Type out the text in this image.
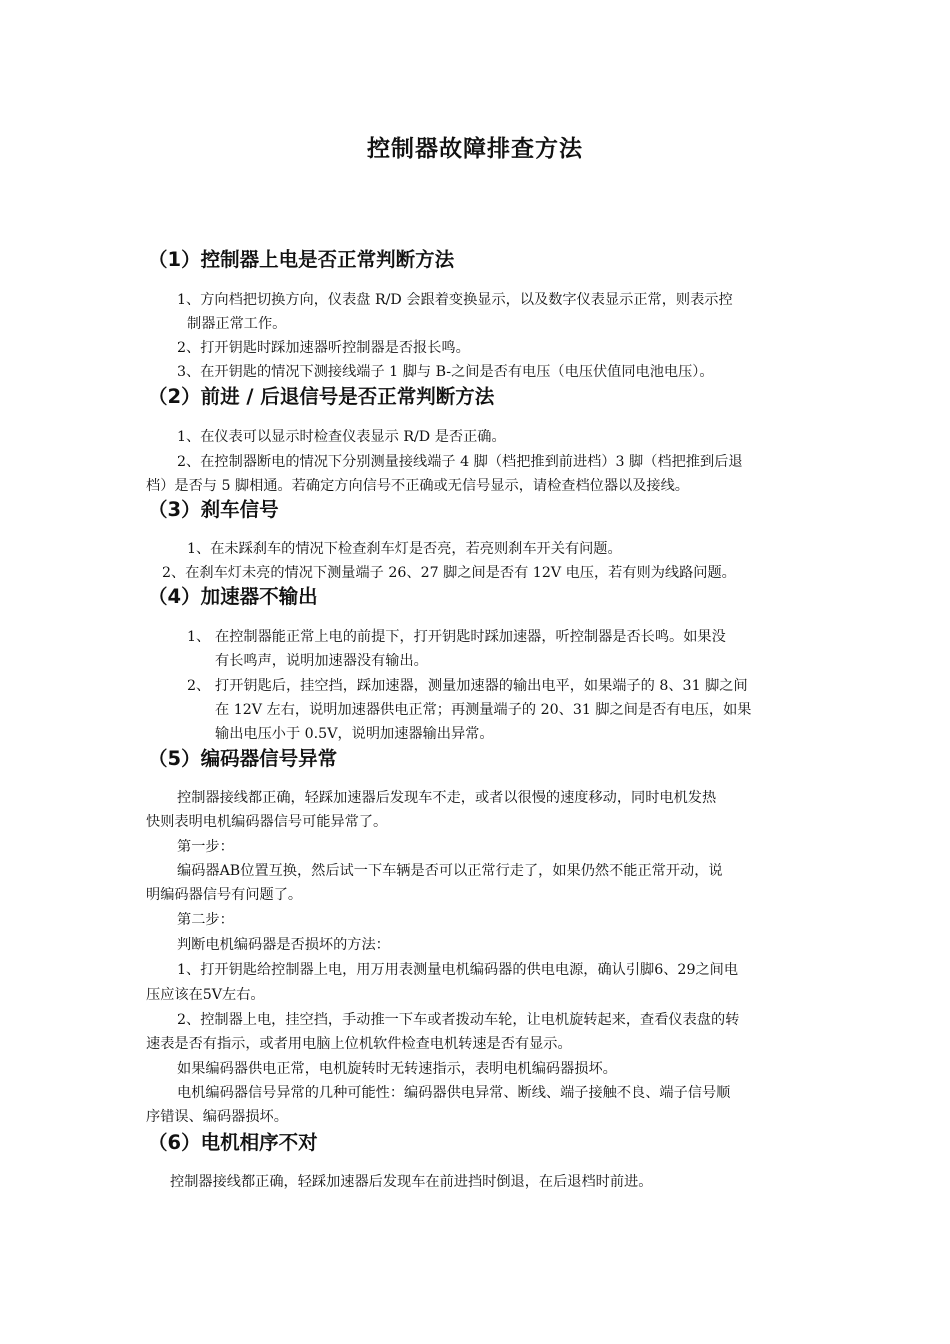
控制器故障排查方法
（1）控制器上电是否正常判断方法
1、方向档把切换方向，仪表盘 R/D 会跟着变换显示，以及数字仪表显示正常，则表示控
制器正常工作。
2、打开钥匙时踩加速器听控制器是否报长鸣。
3、在开钥匙的情况下测接线端子 1 脚与 B-之间是否有电压（电压伏值同电池电压）。
（2）前进 / 后退信号是否正常判断方法
1、在仪表可以显示时检查仪表显示 R/D 是否正确。
2、在控制器断电的情况下分别测量接线端子 4 脚（档把推到前进档）3 脚（档把推到后退
档）是否与 5 脚相通。若确定方向信号不正确或无信号显示，请检查档位器以及接线。
（3）刹车信号
1、在未踩刹车的情况下检查刹车灯是否亮，若亮则刹车开关有问题。
2、在刹车灯未亮的情况下测量端子 26、27 脚之间是否有 12V 电压，若有则为线路问题。
（4）加速器不输出
1、 在控制器能正常上电的前提下，打开钥匙时踩加速器，听控制器是否长鸣。如果没
有长鸣声，说明加速器没有输出。
2、 打开钥匙后，挂空挡，踩加速器，测量加速器的输出电平，如果端子的 8、31 脚之间
在 12V 左右，说明加速器供电正常；再测量端子的 20、31 脚之间是否有电压，如果
输出电压小于 0.5V，说明加速器输出异常。
（5）编码器信号异常
控制器接线都正确，轻踩加速器后发现车不走，或者以很慢的速度移动，同时电机发热
快则表明电机编码器信号可能异常了。
第一步：
编码器AB位置互换，然后试一下车辆是否可以正常行走了，如果仍然不能正常开动，说
明编码器信号有问题了。
第二步：
判断电机编码器是否损坏的方法：
1、打开钥匙给控制器上电，用万用表测量电机编码器的供电电源，确认引脚6、29之间电
压应该在5V左右。
2、控制器上电，挂空挡，手动推一下车或者拨动车轮，让电机旋转起来，查看仪表盘的转
速表是否有指示，或者用电脑上位机软件检查电机转速是否有显示。
如果编码器供电正常，电机旋转时无转速指示，表明电机编码器损坏。
电机编码器信号异常的几种可能性：编码器供电异常、断线、端子接触不良、端子信号顺
序错误、编码器损坏。
（6）电机相序不对
控制器接线都正确，轻踩加速器后发现车在前进挡时倒退，在后退档时前进。
